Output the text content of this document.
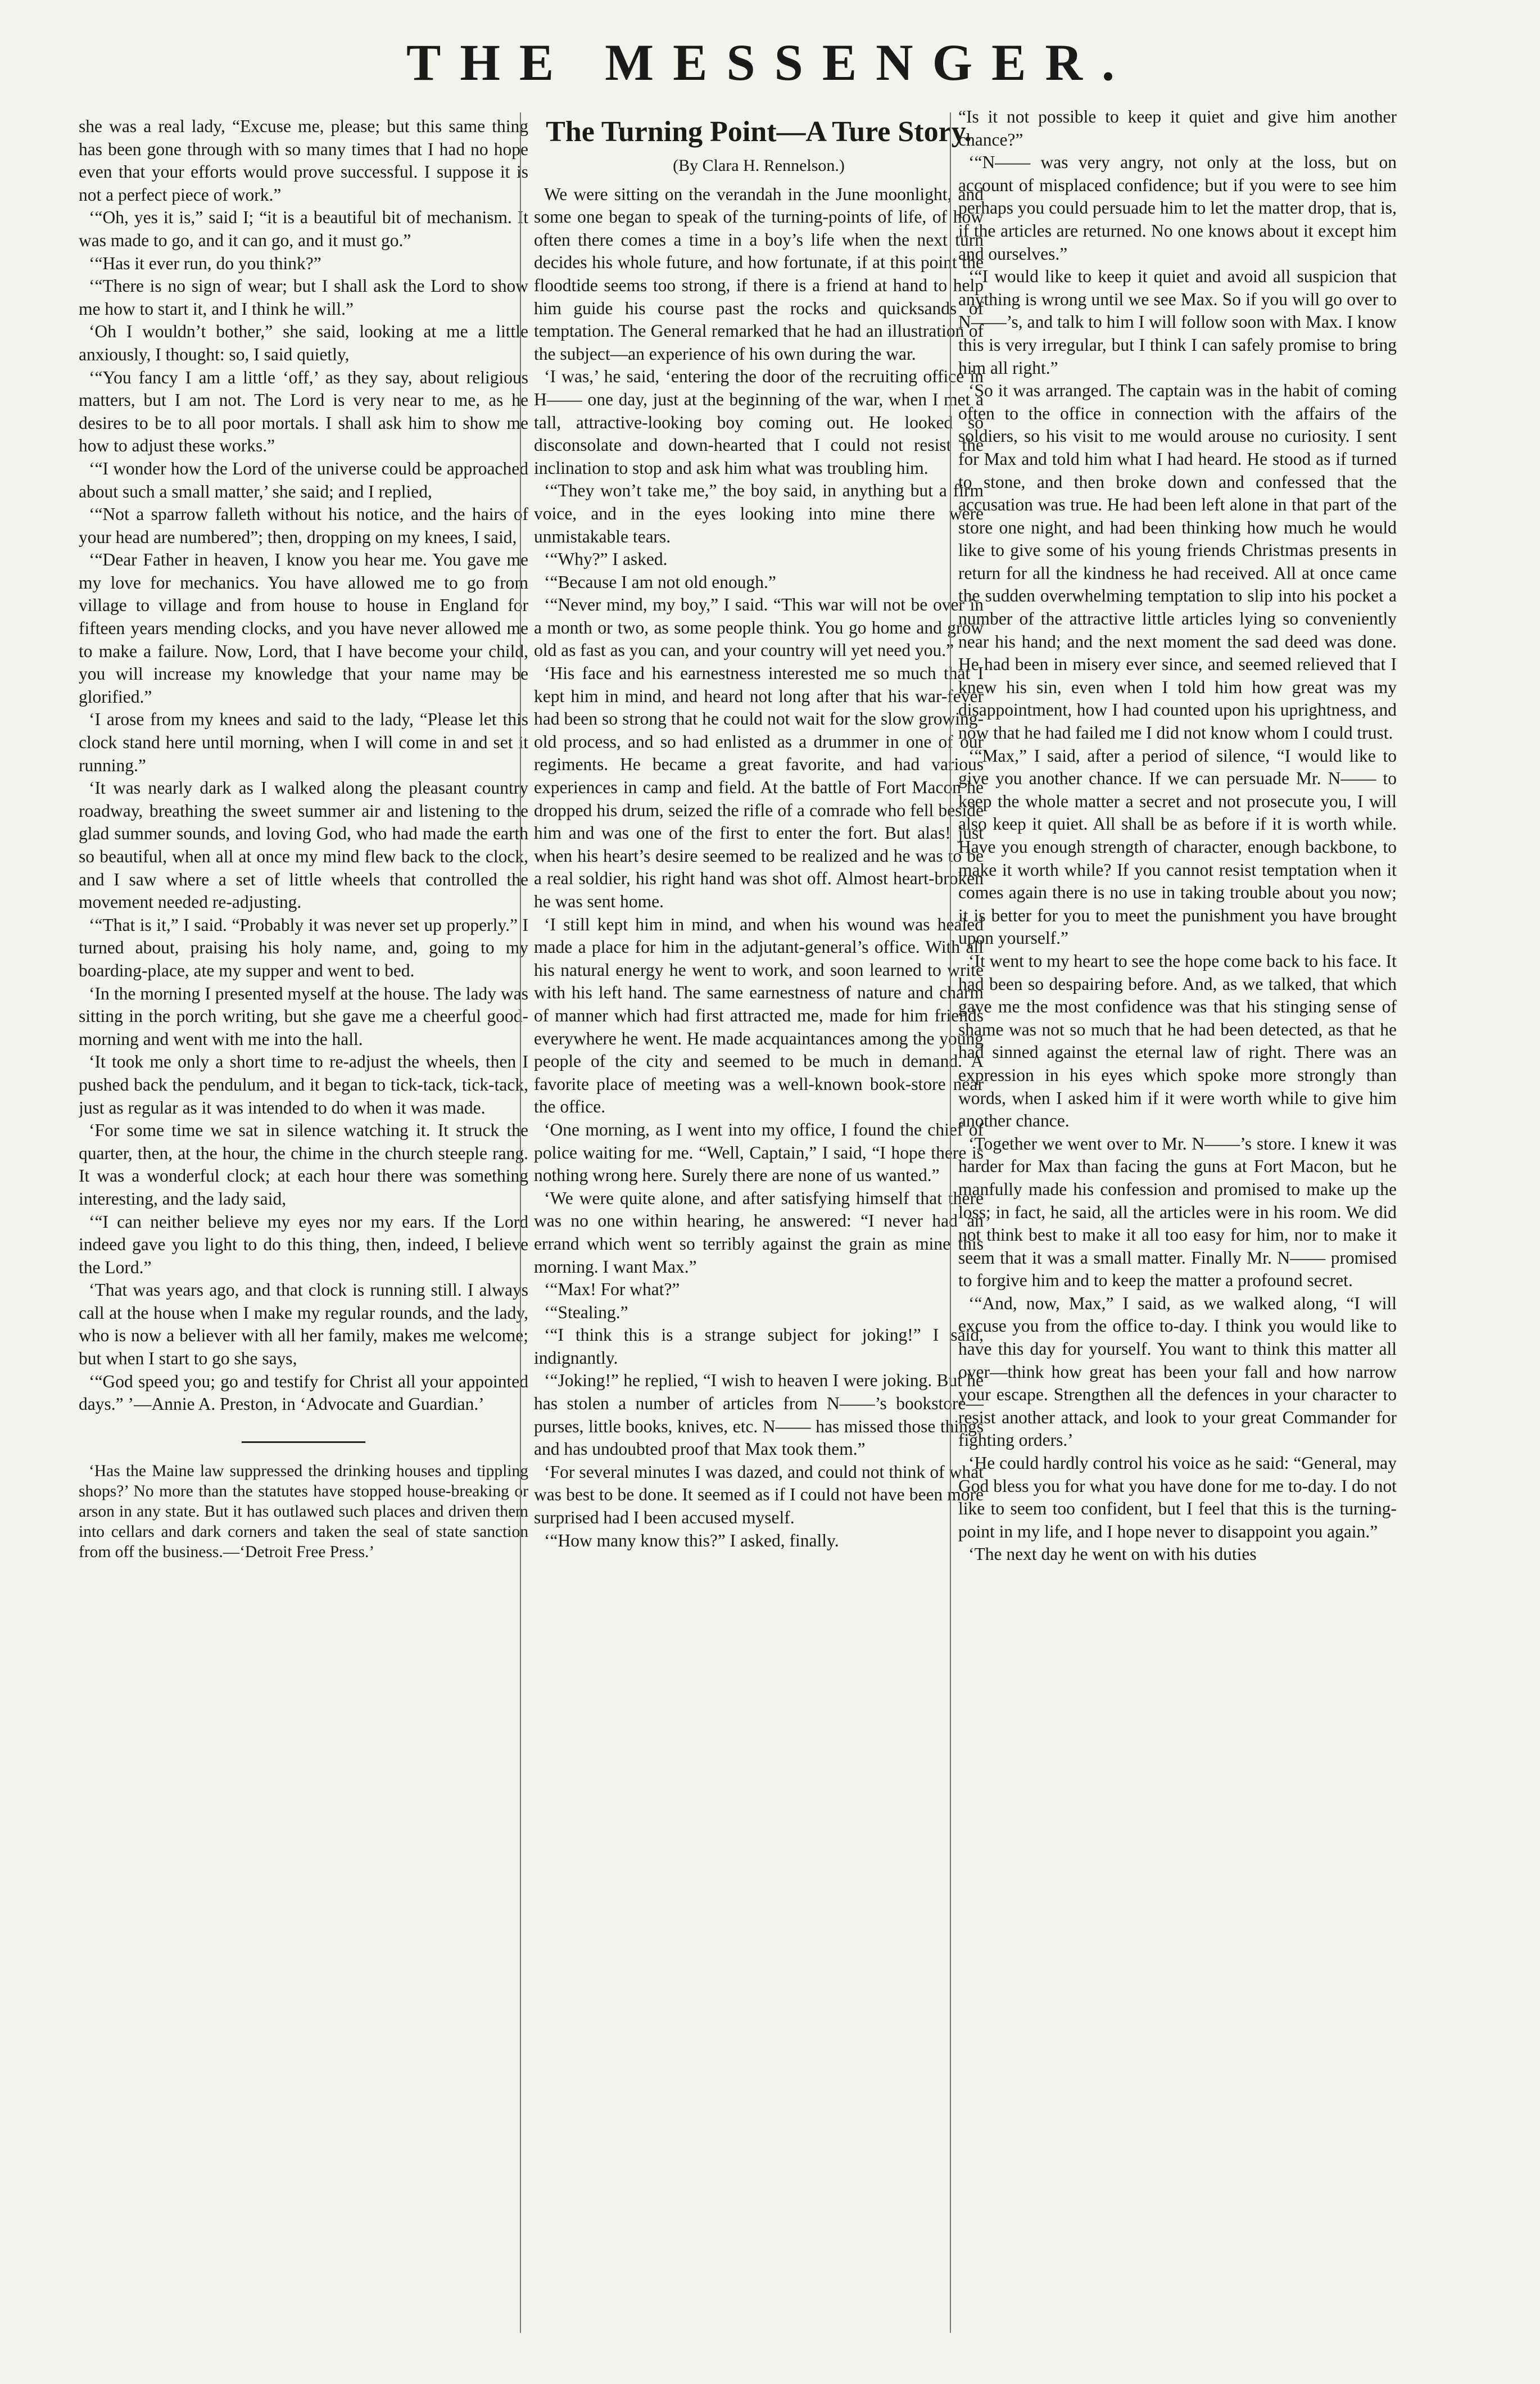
THE MESSENGER.

she was a real lady, “Excuse me, please; but this same thing has been gone through with so many times that I had no hope even that your efforts would prove successful. I suppose it is not a perfect piece of work.”

‘“Oh, yes it is,” said I; “it is a beautiful bit of mechanism. It was made to go, and it can go, and it must go.”

‘“Has it ever run, do you think?”

‘“There is no sign of wear; but I shall ask the Lord to show me how to start it, and I think he will.”

‘Oh I wouldn’t bother,” she said, looking at me a little anxiously, I thought: so, I said quietly,

‘“You fancy I am a little ‘off,’ as they say, about religious matters, but I am not. The Lord is very near to me, as he desires to be to all poor mortals. I shall ask him to show me how to adjust these works.”

‘“I wonder how the Lord of the universe could be approached about such a small matter,’ she said; and I replied,

‘“Not a sparrow falleth without his notice, and the hairs of your head are numbered”; then, dropping on my knees, I said,

‘“Dear Father in heaven, I know you hear me. You gave me my love for mechanics. You have allowed me to go from village to village and from house to house in England for fifteen years mending clocks, and you have never allowed me to make a failure. Now, Lord, that I have become your child, you will increase my knowledge that your name may be glorified.”

‘I arose from my knees and said to the lady, “Please let this clock stand here until morning, when I will come in and set it running.”

‘It was nearly dark as I walked along the pleasant country roadway, breathing the sweet summer air and listening to the glad summer sounds, and loving God, who had made the earth so beautiful, when all at once my mind flew back to the clock, and I saw where a set of little wheels that controlled the movement needed re-adjusting.

‘“That is it,” I said. “Probably it was never set up properly.” I turned about, praising his holy name, and, going to my boarding-place, ate my supper and went to bed.

‘In the morning I presented myself at the house. The lady was sitting in the porch writing, but she gave me a cheerful good-morning and went with me into the hall.

‘It took me only a short time to re-adjust the wheels, then I pushed back the pendulum, and it began to tick-tack, tick-tack, just as regular as it was intended to do when it was made.

‘For some time we sat in silence watching it. It struck the quarter, then, at the hour, the chime in the church steeple rang. It was a wonderful clock; at each hour there was something interesting, and the lady said,

‘“I can neither believe my eyes nor my ears. If the Lord indeed gave you light to do this thing, then, indeed, I believe the Lord.”

‘That was years ago, and that clock is running still. I always call at the house when I make my regular rounds, and the lady, who is now a believer with all her family, makes me welcome; but when I start to go she says,

‘“God speed you; go and testify for Christ all your appointed days.” ’—Annie A. Preston, in ‘Advocate and Guardian.’

‘Has the Maine law suppressed the drinking houses and tippling shops?’ No more than the statutes have stopped house-breaking or arson in any state. But it has outlawed such places and driven them into cellars and dark corners and taken the seal of state sanction from off the business.—‘Detroit Free Press.’

The Turning Point—A Ture Story.
(By Clara H. Rennelson.)

We were sitting on the verandah in the June moonlight, and some one began to speak of the turning-points of life, of how often there comes a time in a boy’s life when the next turn decides his whole future, and how fortunate, if at this point the floodtide seems too strong, if there is a friend at hand to help him guide his course past the rocks and quicksands of temptation. The General remarked that he had an illustration of the subject—an experience of his own during the war.

‘I was,’ he said, ‘entering the door of the recruiting office in H—— one day, just at the beginning of the war, when I met a tall, attractive-looking boy coming out. He looked so disconsolate and down-hearted that I could not resist the inclination to stop and ask him what was troubling him.

‘“They won’t take me,” the boy said, in anything but a firm voice, and in the eyes looking into mine there were unmistakable tears.

‘“Why?” I asked.

‘“Because I am not old enough.”

‘“Never mind, my boy,” I said. “This war will not be over in a month or two, as some people think. You go home and grow old as fast as you can, and your country will yet need you.”

‘His face and his earnestness interested me so much that I kept him in mind, and heard not long after that his war-fever had been so strong that he could not wait for the slow growing-old process, and so had enlisted as a drummer in one of our regiments. He became a great favorite, and had various experiences in camp and field. At the battle of Fort Macon he dropped his drum, seized the rifle of a comrade who fell beside him and was one of the first to enter the fort. But alas! just when his heart’s desire seemed to be realized and he was to be a real soldier, his right hand was shot off. Almost heart-broken he was sent home.

‘I still kept him in mind, and when his wound was healed made a place for him in the adjutant-general’s office. With all his natural energy he went to work, and soon learned to write with his left hand. The same earnestness of nature and charm of manner which had first attracted me, made for him friends everywhere he went. He made acquaintances among the young people of the city and seemed to be much in demand. A favorite place of meeting was a well-known book-store near the office.

‘One morning, as I went into my office, I found the chief of police waiting for me. “Well, Captain,” I said, “I hope there is nothing wrong here. Surely there are none of us wanted.”

‘We were quite alone, and after satisfying himself that there was no one within hearing, he answered: “I never had an errand which went so terribly against the grain as mine this morning. I want Max.”

‘“Max! For what?”

‘“Stealing.”

‘“I think this is a strange subject for joking!” I said, indignantly.

‘“Joking!” he replied, “I wish to heaven I were joking. But he has stolen a number of articles from N——’s bookstore—purses, little books, knives, etc. N—— has missed those things and has undoubted proof that Max took them.”

‘For several minutes I was dazed, and could not think of what was best to be done. It seemed as if I could not have been more surprised had I been accused myself.

‘“How many know this?” I asked, finally.

“Is it not possible to keep it quiet and give him another chance?”

‘“N—— was very angry, not only at the loss, but on account of misplaced confidence; but if you were to see him perhaps you could persuade him to let the matter drop, that is, if the articles are returned. No one knows about it except him and ourselves.”

‘“I would like to keep it quiet and avoid all suspicion that anything is wrong until we see Max. So if you will go over to N——’s, and talk to him I will follow soon with Max. I know this is very irregular, but I think I can safely promise to bring him all right.”

‘So it was arranged. The captain was in the habit of coming often to the office in connection with the affairs of the soldiers, so his visit to me would arouse no curiosity. I sent for Max and told him what I had heard. He stood as if turned to stone, and then broke down and confessed that the accusation was true. He had been left alone in that part of the store one night, and had been thinking how much he would like to give some of his young friends Christmas presents in return for all the kindness he had received. All at once came the sudden overwhelming temptation to slip into his pocket a number of the attractive little articles lying so conveniently near his hand; and the next moment the sad deed was done. He had been in misery ever since, and seemed relieved that I knew his sin, even when I told him how great was my disappointment, how I had counted upon his uprightness, and now that he had failed me I did not know whom I could trust.

‘“Max,” I said, after a period of silence, “I would like to give you another chance. If we can persuade Mr. N—— to keep the whole matter a secret and not prosecute you, I will also keep it quiet. All shall be as before if it is worth while. Have you enough strength of character, enough backbone, to make it worth while? If you cannot resist temptation when it comes again there is no use in taking trouble about you now; it is better for you to meet the punishment you have brought upon yourself.”

‘It went to my heart to see the hope come back to his face. It had been so despairing before. And, as we talked, that which gave me the most confidence was that his stinging sense of shame was not so much that he had been detected, as that he had sinned against the eternal law of right. There was an expression in his eyes which spoke more strongly than words, when I asked him if it were worth while to give him another chance.

‘Together we went over to Mr. N——’s store. I knew it was harder for Max than facing the guns at Fort Macon, but he manfully made his confession and promised to make up the loss; in fact, he said, all the articles were in his room. We did not think best to make it all too easy for him, nor to make it seem that it was a small matter. Finally Mr. N—— promised to forgive him and to keep the matter a profound secret.

‘“And, now, Max,” I said, as we walked along, “I will excuse you from the office to-day. I think you would like to have this day for yourself. You want to think this matter all over—think how great has been your fall and how narrow your escape. Strengthen all the defences in your character to resist another attack, and look to your great Commander for fighting orders.’

‘He could hardly control his voice as he said: “General, may God bless you for what you have done for me to-day. I do not like to seem too confident, but I feel that this is the turning-point in my life, and I hope never to disappoint you again.”

‘The next day he went on with his duties
